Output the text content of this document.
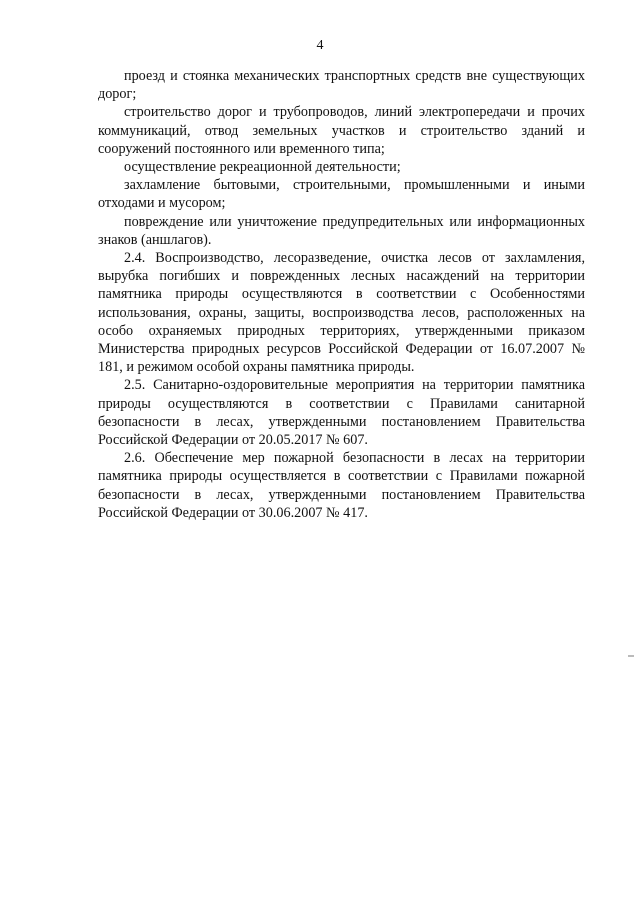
4

проезд и стоянка механических транспортных средств вне существующих дорог;

строительство дорог и трубопроводов, линий электропередачи и прочих коммуникаций, отвод земельных участков и строительство зданий и сооружений постоянного или временного типа;

осуществление рекреационной деятельности;

захламление бытовыми, строительными, промышленными и иными отходами и мусором;

повреждение или уничтожение предупредительных или информационных знаков (аншлагов).

2.4. Воспроизводство, лесоразведение, очистка лесов от захламления, вырубка погибших и поврежденных лесных насаждений на территории памятника природы осуществляются в соответствии с Особенностями использования, охраны, защиты, воспроизводства лесов, расположенных на особо охраняемых природных территориях, утвержденными приказом Министерства природных ресурсов Российской Федерации от 16.07.2007 № 181, и режимом особой охраны памятника природы.

2.5. Санитарно-оздоровительные мероприятия на территории памятника природы осуществляются в соответствии с Правилами санитарной безопасности в лесах, утвержденными постановлением Правительства Российской Федерации от 20.05.2017 № 607.

2.6. Обеспечение мер пожарной безопасности в лесах на территории памятника природы осуществляется в соответствии с Правилами пожарной безопасности в лесах, утвержденными постановлением Правительства Российской Федерации от 30.06.2007 № 417.
